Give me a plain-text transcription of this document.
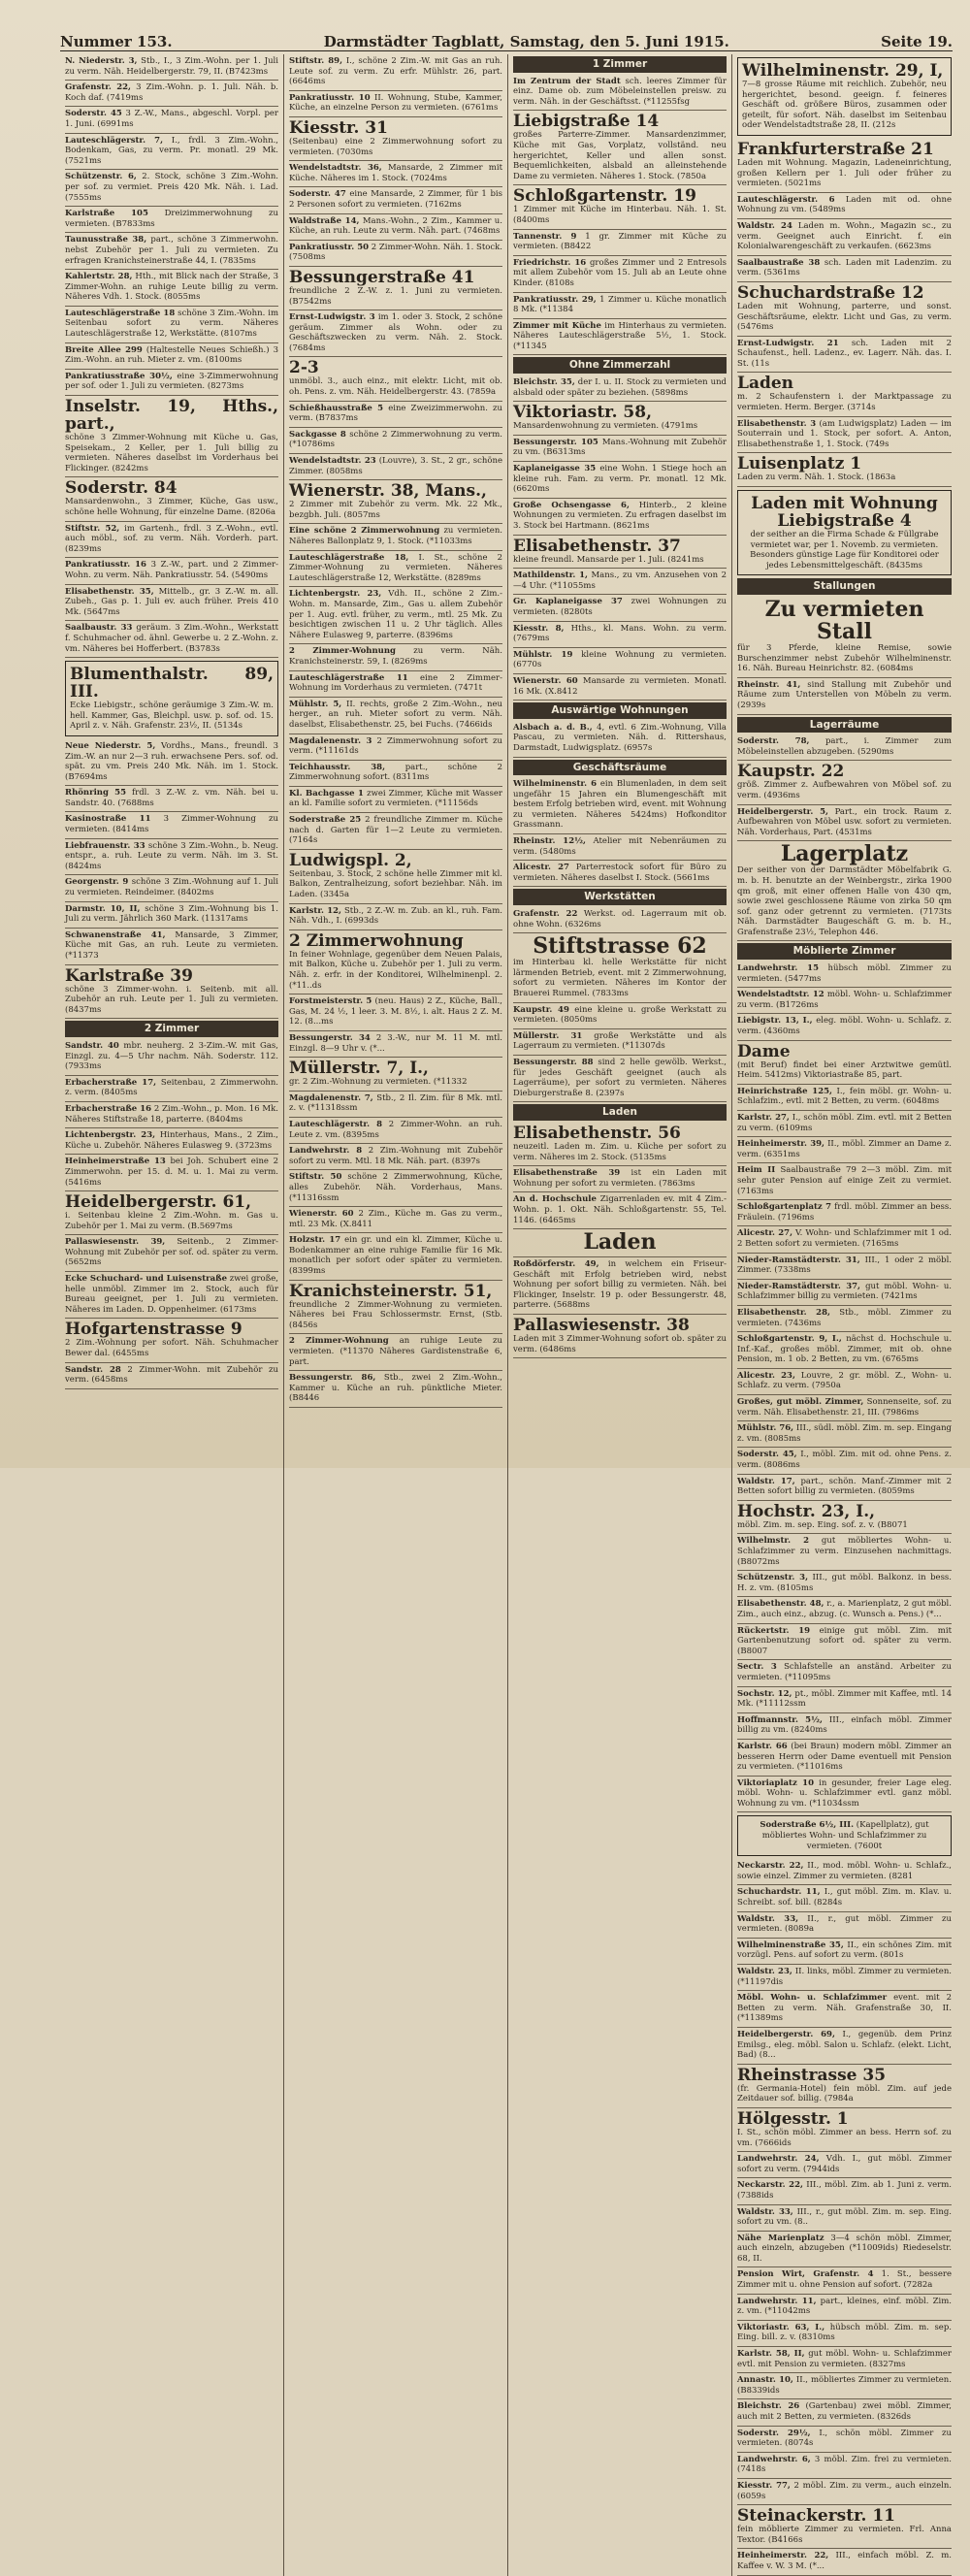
Nummer 153.	Darmstädter Tagblatt, Samstag, den 5. Juni 1915.	Seite 19.
N. Niederstr. 3, Stb., I., 3 Zim.-Wohn. per 1. Juli zu verm. Näh. Heidelbergerstr. 79, II. (B7423ms
Grafenstr. 22, 3 Zim.-Wohn. p. 1. Juli. Näh. b. Koch daf. (7419ms
Soderstr. 45 3 Z.-W., Mans., abgeschl. Vorpl. per 1. Juni. (6991ms
Lauteschlägerstr. 7, I., frdl. 3 Zim.-Wohn., Bodenkam, Gas, zu verm. Pr. monatl. 29 Mk. (7521ms
Schützenstr. 6, 2. Stock, schöne 3 Zim.-Wohn. per sof. zu vermiet. Preis 420 Mk. Näh. i. Lad. (7555ms
Karlstraße 105 Dreizimmerwohnung zu vermieten. (B7833ms
Taunusstraße 38, part., schöne 3 Zimmerwohn. nebst Zubehör per 1. Juli zu vermieten. Zu erfragen Kranichsteinerstraße 44, I. (7835ms
Kahlertstr. 28, Hth., mit Blick nach der Straße, 3 Zimmer-Wohn. an ruhige Leute billig zu verm. Näheres Vdh. 1. Stock. (8055ms
Lauteschlägerstraße 18 schöne 3 Zim.-Wohn. im Seitenbau sofort zu verm. Näheres Lauteschlägerstraße 12, Werkstätte. (8107ms
Breite Allee 299 (Haltestelle Neues Schießh.) 3 Zim.-Wohn. an ruh. Mieter z. vm. (8100ms
Pankratiusstraße 30½, eine 3-Zimmerwohnung per sof. oder 1. Juli zu vermieten. (8273ms
Inselstr. 19, Hths., part.,
schöne 3 Zimmer-Wohnung mit Küche u. Gas, Speisekam., 2 Keller, per 1. Juli billig zu vermieten. Näheres daselbst im Vorderhaus bei Flickinger. (8242ms
Soderstr. 84
Mansardenwohn., 3 Zimmer, Küche, Gas usw., schöne helle Wohnung, für einzelne Dame. (8206a
Stiftstr. 52, im Gartenh., frdl. 3 Z.-Wohn., evtl. auch möbl., sof. zu verm. Näh. Vorderh. part. (8239ms
Pankratiusstr. 16 3 Z.-W., part. und 2 Zimmer-Wohn. zu verm. Näh. Pankratiusstr. 54. (5490ms
Elisabethenstr. 35, Mittelb., gr. 3 Z.-W. m. all. Zubeh., Gas p. 1. Juli ev. auch früher. Preis 410 Mk. (5647ms
Saalbaustr. 33 geräum. 3 Zim.-Wohn., Werkstatt f. Schuhmacher od. ähnl. Gewerbe u. 2 Z.-Wohn. z. vm. Näheres bei Hofferbert. (B3783s
Blumenthalstr. 89, III.
Ecke Liebigstr., schöne geräumige 3 Zim.-W. m. hell. Kammer, Gas, Bleichpl. usw. p. sof. od. 15. April z. v. Näh. Grafenstr. 23½, II. (5134s
Neue Niederstr. 5, Vordhs., Mans., freundl. 3 Zim.-W. an nur 2—3 ruh. erwachsene Pers. sof. od. spät. zu vm. Preis 240 Mk. Näh. im 1. Stock. (B7694ms
Rhönring 55 frdl. 3 Z.-W. z. vm. Näh. bei u. Sandstr. 40. (7688ms
Kasinostraße 11 3 Zimmer-Wohnung zu vermieten. (8414ms
Liebfrauenstr. 33 schöne 3 Zim.-Wohn., b. Neug. entspr., a. ruh. Leute zu verm. Näh. im 3. St. (8424ms
Georgenstr. 9 schöne 3 Zim.-Wohnung auf 1. Juli zu vermieten. Reindeimer. (8402ms
Darmstr. 10, II, schöne 3 Zim.-Wohnung bis 1. Juli zu verm. Jährlich 360 Mark. (11317ams
Schwanenstraße 41, Mansarde, 3 Zimmer, Küche mit Gas, an ruh. Leute zu vermieten. (*11373
Karlstraße 39
schöne 3 Zimmer-wohn. i. Seitenb. mit all. Zubehör an ruh. Leute per 1. Juli zu vermieten. (8437ms
2 Zimmer
Sandstr. 40 mbr. neuherg. 2 3-Zim.-W. mit Gas, Einzgl. zu. 4—5 Uhr nachm. Näh. Soderstr. 112. (7933ms
Erbacherstraße 17, Seitenbau, 2 Zimmerwohn. z. verm. (8405ms
Erbacherstraße 16 2 Zim.-Wohn., p. Mon. 16 Mk. Näheres Stiftstraße 18, parterre. (8404ms
Lichtenbergstr. 23, Hinterhaus, Mans., 2 Zim., Küche u. Zubehör. Näheres Eulasweg 9. (3723ms
Heinheimerstraße 13 bei Joh. Schubert eine 2 Zimmerwohn. per 15. d. M. u. 1. Mai zu verm. (5416ms
Heidelbergerstr. 61,
i. Seitenbau kleine 2 Zim.-Wohn. m. Gas u. Zubehör per 1. Mai zu verm. (B.5697ms
Pallaswiesenstr. 39, Seitenb., 2 Zimmer-Wohnung mit Zubehör per sof. od. später zu verm. (5652ms
Ecke Schuchard- und Luisenstraße zwei große, helle unmöbl. Zimmer im 2. Stock, auch für Bureau geeignet, per 1. Juli zu vermieten. Näheres im Laden. D. Oppenheimer. (6173ms
Hofgartenstrasse 9
2 Zim.-Wohnung per sofort. Näh. Schuhmacher Bewer dal. (6455ms
Sandstr. 28 2 Zimmer-Wohn. mit Zubehör zu verm. (6458ms
Stiftstr. 89, I., schöne 2 Zim.-W. mit Gas an ruh. Leute sof. zu verm. Zu erfr. Mühlstr. 26, part. (6646ms
Pankratiusstr. 10 II. Wohnung, Stube, Kammer, Küche, an einzelne Person zu vermieten. (6761ms
Kiesstr. 31
(Seitenbau) eine 2 Zimmerwohnung sofort zu vermieten. (7030ms
Wendelstadtstr. 36, Mansarde, 2 Zimmer mit Küche. Näheres im 1. Stock. (7024ms
Soderstr. 47 eine Mansarde, 2 Zimmer, für 1 bis 2 Personen sofort zu vermieten. (7162ms
Waldstraße 14, Mans.-Wohn., 2 Zim., Kammer u. Küche, an ruh. Leute zu verm. Näh. part. (7468ms
Pankratiusstr. 50 2 Zimmer-Wohn. Näh. 1. Stock. (7508ms
Bessungerstraße 41
freundliche 2 Z.-W. z. 1. Juni zu vermieten. (B7542ms
Ernst-Ludwigstr. 3 im 1. oder 3. Stock, 2 schöne geräum. Zimmer als Wohn. oder zu Geschäftszwecken zu verm. Näh. 2. Stock. (7684ms
2-3
unmöbl. 3., auch einz., mit elektr. Licht, mit ob. oh. Pens. z. vm. Näh. Heidelbergerstr. 43. (7859a
Schießhausstraße 5 eine Zweizimmerwohn. zu verm. (B7837ms
Sackgasse 8 schöne 2 Zimmerwohnung zu verm. (*10786ms
Wendelstadtstr. 23 (Louvre), 3. St., 2 gr., schöne Zimmer. (8058ms
Wienerstr. 38, Mans.,
2 Zimmer mit Zubehör zu verm. Mk. 22 Mk., bezgbh. Juli. (8057ms
Eine schöne 2 Zimmerwohnung zu vermieten. Näheres Ballonplatz 9, 1. Stock. (*11033ms
Lauteschlägerstraße 18, I. St., schöne 2 Zimmer-Wohnung zu vermieten. Näheres Lauteschlägerstraße 12, Werkstätte. (8289ms
Lichtenbergstr. 23, Vdh. II., schöne 2 Zim.-Wohn. m. Mansarde, Zim., Gas u. allem Zubehör per 1. Aug. evtl. früher, zu verm., mtl. 25 Mk. Zu besichtigen zwischen 11 u. 2 Uhr täglich. Alles Nähere Eulasweg 9, parterre. (8396ms
2 Zimmer-Wohnung zu verm. Näh. Kranichsteinerstr. 59, I. (8269ms
Lauteschlägerstraße 11 eine 2 Zimmer-Wohnung im Vorderhaus zu vermieten. (7471t
Mühlstr. 5, II. rechts, große 2 Zim.-Wohn., neu herger., an ruh. Mieter sofort zu verm. Näh. daselbst, Elisabethenstr. 25, bei Fuchs. (7466ids
Magdalenenstr. 3 2 Zimmerwohnung sofort zu verm. (*11161ds
Teichhausstr. 38, part., schöne 2 Zimmerwohnung sofort. (8311ms
Kl. Bachgasse 1 zwei Zimmer, Küche mit Wasser an kl. Familie sofort zu vermieten. (*11156ds
Soderstraße 25 2 freundliche Zimmer m. Küche nach d. Garten für 1—2 Leute zu vermieten. (7164s
Ludwigspl. 2,
Seitenbau, 3. Stock, 2 schöne helle Zimmer mit kl. Balkon, Zentralheizung, sofort beziehbar. Näh. im Laden. (3345a
Karlstr. 12, Stb., 2 Z.-W. m. Zub. an kl., ruh. Fam. Näh. Vdh., I. (6993ds
2 Zimmerwohnung
In feiner Wohnlage, gegenüber dem Neuen Palais, mit Balkon, Küche u. Zubehör per 1. Juli zu verm. Näh. z. erfr. in der Konditorei, Wilhelminenpl. 2. (*11..ds
Forstmeisterstr. 5 (neu. Haus) 2 Z., Küche, Ball., Gas, M. 24 ½, 1 leer. 3. M. 8½, i. alt. Haus 2 Z. M. 12. (8...ms
Bessungerstr. 34 2 3.-W., nur M. 11 M. mtl. Einzgl. 8—9 Uhr v. (*...
Müllerstr. 7, I.,
gr. 2 Zim.-Wohnung zu vermieten. (*11332
Magdalenenstr. 7, Stb., 2 Il. Zim. für 8 Mk. mtl. z. v. (*11318ssm
Lauteschlägerstr. 8 2 Zimmer-Wohn. an ruh. Leute z. vm. (8395ms
Landwehrstr. 8 2 Zim.-Wohnung mit Zubehör sofort zu verm. Mtl. 18 Mk. Näh. part. (8397s
Stiftstr. 50 schöne 2 Zimmerwohnung, Küche, alles Zubehör. Näh. Vorderhaus, Mans. (*11316ssm
Wienerstr. 60 2 Zim., Küche m. Gas zu verm., mtl. 23 Mk. (X.8411
Holzstr. 17 ein gr. und ein kl. Zimmer, Küche u. Bodenkammer an eine ruhige Familie für 16 Mk. monatlich per sofort oder später zu vermieten. (8399ms
Kranichsteinerstr. 51,
freundliche 2 Zimmer-Wohnung zu vermieten. Näheres bei Frau Schlossermstr. Ernst, (Stb. (8456s
2 Zimmer-Wohnung an ruhige Leute zu vermieten. (*11370 Näheres Gardistenstraße 6, part.
Bessungerstr. 86, Stb., zwei 2 Zim.-Wohn., Kammer u. Küche an ruh. pünktliche Mieter. (B8446
1 Zimmer
Im Zentrum der Stadt sch. leeres Zimmer für einz. Dame ob. zum Möbeleinstellen preisw. zu verm. Näh. in der Geschäftsst. (*11255fsg
Liebigstraße 14
großes Parterre-Zimmer. Mansardenzimmer, Küche mit Gas, Vorplatz, vollständ. neu hergerichtet, Keller und allen sonst. Bequemlichkeiten, alsbald an alleinstehende Dame zu vermieten. Näheres 1. Stock. (7850a
Schloßgartenstr. 19
1 Zimmer mit Küche im Hinterbau. Näh. 1. St. (8400ms
Tannenstr. 9 1 gr. Zimmer mit Küche zu vermieten. (B8422
Friedrichstr. 16 großes Zimmer und 2 Entresols mit allem Zubehör vom 15. Juli ab an Leute ohne Kinder. (8108s
Pankratiusstr. 29, 1 Zimmer u. Küche monatlich 8 Mk. (*11384
Zimmer mit Küche im Hinterhaus zu vermieten. Näheres Lauteschlägerstraße 5½, 1. Stock. (*11345
Ohne Zimmerzahl
Bleichstr. 35, der I. u. II. Stock zu vermieten und alsbald oder später zu beziehen. (5898ms
Viktoriastr. 58,
Mansardenwohnung zu vermieten. (4791ms
Bessungerstr. 105 Mans.-Wohnung mit Zubehör zu vm. (B6313ms
Kaplaneigasse 35 eine Wohn. 1 Stiege hoch an kleine ruh. Fam. zu verm. Pr. monatl. 12 Mk. (6620ms
Große Ochsengasse 6, Hinterb., 2 kleine Wohnungen zu vermieten. Zu erfragen daselbst im 3. Stock bei Hartmann. (8621ms
Elisabethenstr. 37
kleine freundl. Mansarde per 1. Juli. (8241ms
Mathildenstr. 1, Mans., zu vm. Anzusehen von 2—4 Uhr. (*11055ms
Gr. Kaplaneigasse 37 zwei Wohnungen zu vermieten. (8280ts
Kiesstr. 8, Hths., kl. Mans. Wohn. zu verm. (7679ms
Mühlstr. 19 kleine Wohnung zu vermieten. (6770s
Wienerstr. 60 Mansarde zu vermieten. Monatl. 16 Mk. (X.8412
Auswärtige Wohnungen
Alsbach a. d. B., 4, evtl. 6 Zim.-Wohnung, Villa Pascau, zu vermieten. Näh. d. Rittershaus, Darmstadt, Ludwigsplatz. (6957s
Geschäftsräume
Wilhelminenstr. 6 ein Blumenladen, in dem seit ungefähr 15 Jahren ein Blumengeschäft mit bestem Erfolg betrieben wird, event. mit Wohnung zu vermieten. Näheres 5424ms) Hofkonditor Grassmann.
Rheinstr. 12½, Atelier mit Nebenräumen zu verm. (5480ms
Alicestr. 27 Parterrestock sofort für Büro zu vermieten. Näheres daselbst I. Stock. (5661ms
Werkstätten
Grafenstr. 22 Werkst. od. Lagerraum mit ob. ohne Wohn. (6326ms
Stiftstrasse 62
im Hinterbau kl. helle Werkstätte für nicht lärmenden Betrieb, event. mit 2 Zimmerwohnung, sofort zu vermieten. Näheres im Kontor der Brauerei Rummel. (7833ms
Kaupstr. 49 eine kleine u. große Werkstatt zu vermieten. (8050ms
Müllerstr. 31 große Werkstätte und als Lagerraum zu vermieten. (*11307ds
Bessungerstr. 88 sind 2 helle gewölb. Werkst., für jedes Geschäft geeignet (auch als Lagerräume), per sofort zu vermieten. Näheres Dieburgerstraße 8. (2397s
Laden
Elisabethenstr. 56
neuzeitl. Laden m. Zim. u. Küche per sofort zu verm. Näheres im 2. Stock. (5135ms
Elisabethenstraße 39 ist ein Laden mit Wohnung per sofort zu vermieten. (7863ms
An d. Hochschule Zigarrenladen ev. mit 4 Zim.-Wohn. p. 1. Okt. Näh. Schloßgartenstr. 55, Tel. 1146. (6465ms
Laden
Roßdörferstr. 49, in welchem ein Friseur-Geschäft mit Erfolg betrieben wird, nebst Wohnung per sofort billig zu vermieten. Näh. bei Flickinger, Inselstr. 19 p. oder Bessungerstr. 48, parterre. (5688ms
Pallaswiesenstr. 38
Laden mit 3 Zimmer-Wohnung sofort ob. später zu verm. (6486ms
Wilhelminenstr. 29, I,
7—8 grosse Räume mit reichlich. Zubehör, neu hergerichtet, besond. geeign. f. feineres Geschäft od. größere Büros, zusammen oder geteilt, für sofort. Näh. daselbst im Seitenbau oder Wendelstadtstraße 28, II. (212s
Frankfurterstraße 21
Laden mit Wohnung. Magazin, Ladeneinrichtung, großen Kellern per 1. Juli oder früher zu vermieten. (5021ms
Lauteschlägerstr. 6 Laden mit od. ohne Wohnung zu vm. (5489ms
Waldstr. 24 Laden m. Wohn., Magazin sc., zu verm. Geeignet auch Einricht. f. ein Kolonialwarengeschäft zu verkaufen. (6623ms
Saalbaustraße 38 sch. Laden mit Ladenzim. zu verm. (5361ms
Schuchardstraße 12
Laden mit Wohnung, parterre, und sonst. Geschäftsräume, elektr. Licht und Gas, zu verm. (5476ms
Ernst-Ludwigstr. 21 sch. Laden mit 2 Schaufenst., hell. Ladenz., ev. Lagerr. Näh. das. I. St. (11s
Laden
m. 2 Schaufenstern i. der Marktpassage zu vermieten. Herm. Berger. (3714s
Elisabethenstr. 3 (am Ludwigsplatz) Laden — im Souterrain und 1. Stock, per sofort. A. Anton, Elisabethenstraße 1, 1. Stock. (749s
Luisenplatz 1
Laden zu verm. Näh. 1. Stock. (1863a
Laden mit Wohnung Liebigstraße 4
der seither an die Firma Schade & Füllgrabe vermietet war, per 1. Novemb. zu vermieten. Besonders günstige Lage für Konditorei oder jedes Lebensmittelgeschäft. (8435ms
Stallungen
Zu vermieten Stall
für 3 Pferde, kleine Remise, sowie Burschenzimmer nebst Zubehör Wilhelminenstr. 16. Näh. Bureau Heinrichstr. 82. (6084ms
Rheinstr. 41, sind Stallung mit Zubehör und Räume zum Unterstellen von Möbeln zu verm. (2939s
Lagerräume
Soderstr. 78, part., i. Zimmer zum Möbeleinstellen abzugeben. (5290ms
Kaupstr. 22
größ. Zimmer z. Aufbewahren von Möbel sof. zu verm. (4936ms
Heidelbergerstr. 5, Part., ein trock. Raum z. Aufbewahren von Möbel usw. sofort zu vermieten. Näh. Vorderhaus, Part. (4531ms
Lagerplatz
Der seither von der Darmstädter Möbelfabrik G. m. b. H. benutzte an der Weinbergstr., zirka 1900 qm groß, mit einer offenen Halle von 430 qm, sowie zwei geschlossene Räume von zirka 50 qm sof. ganz oder getrennt zu vermieten. (7173ts Näh. Darmstädter Baugeschäft G. m. b. H., Grafenstraße 23½, Telephon 446.
Möblierte Zimmer
Landwehrstr. 15 hübsch möbl. Zimmer zu vermieten. (5477ms
Wendelstadtstr. 12 möbl. Wohn- u. Schlafzimmer zu verm. (B1726ms
Liebigstr. 13, I., eleg. möbl. Wohn- u. Schlafz. z. verm. (4360ms
Dame
(mit Beruf) findet bei einer Arztwitwe gemütl. Heim. 5412ms) Viktoriastraße 85, part.
Heinrichstraße 125, I., fein möbl. gr. Wohn- u. Schlafzim., evtl. mit 2 Betten, zu verm. (6048ms
Karlstr. 27, I., schön möbl. Zim. evtl. mit 2 Betten zu verm. (6109ms
Heinheimerstr. 39, II., möbl. Zimmer an Dame z. verm. (6351ms
Heim II Saalbaustraße 79 2—3 möbl. Zim. mit sehr guter Pension auf einige Zeit zu vermiet. (7163ms
Schloßgartenplatz 7 frdl. möbl. Zimmer an bess. Fräulein. (7196ms
Alicestr. 27, V. Wohn- und Schlafzimmer mit 1 od. 2 Betten sofort zu vermieten. (7165ms
Nieder-Ramstädterstr. 31, III., 1 oder 2 möbl. Zimmer. (7338ms
Nieder-Ramstädterstr. 37, gut möbl. Wohn- u. Schlafzimmer billig zu vermieten. (7421ms
Elisabethenstr. 28, Stb., möbl. Zimmer zu vermieten. (7436ms
Schloßgartenstr. 9, I., nächst d. Hochschule u. Inf.-Kaf., großes möbl. Zimmer, mit ob. ohne Pension, m. 1 ob. 2 Betten, zu vm. (6765ms
Alicestr. 23, Louvre, 2 gr. möbl. Z., Wohn- u. Schlafz. zu verm. (7950a
Großes, gut möbl. Zimmer, Sonnenseite, sof. zu verm. Näh. Elisabethenstr. 21, III. (7986ms
Mühlstr. 76, III., südl. möbl. Zim. m. sep. Eingang z. vm. (8085ms
Soderstr. 45, I., möbl. Zim. mit od. ohne Pens. z. verm. (8086ms
Waldstr. 17, part., schön. Manf.-Zimmer mit 2 Betten sofort billig zu vermieten. (8059ms
Hochstr. 23, I.,
möbl. Zim. m. sep. Eing. sof. z. v. (B8071
Wilhelmstr. 2 gut möbliertes Wohn- u. Schlafzimmer zu verm. Einzusehen nachmittags. (B8072ms
Schützenstr. 3, III., gut möbl. Balkonz. in bess. H. z. vm. (8105ms
Elisabethenstr. 48, r., a. Marienplatz, 2 gut möbl. Zim., auch einz., abzug. (c. Wunsch a. Pens.) (*...
Rückertstr. 19 einige gut möbl. Zim. mit Gartenbenutzung sofort od. später zu verm. (B8007
Sectr. 3 Schlafstelle an anständ. Arbeiter zu vermieten. (*11095ms
Sochstr. 12, pt., möbl. Zimmer mit Kaffee, mtl. 14 Mk. (*11112ssm
Hoffmannstr. 5½, III., einfach möbl. Zimmer billig zu vm. (8240ms
Karlstr. 66 (bei Braun) modern möbl. Zimmer an besseren Herrn oder Dame eventuell mit Pension zu vermieten. (*11016ms
Viktoriaplatz 10 in gesunder, freier Lage eleg. möbl. Wohn- u. Schlafzimmer evtl. ganz möbl. Wohnung zu vm. (*11034ssm
Soderstraße 6½, III. (Kapellplatz), gut möbliertes Wohn- und Schlafzimmer zu vermieten. (7600t
Neckarstr. 22, II., mod. möbl. Wohn- u. Schlafz., sowie einzel. Zimmer zu vermieten. (8281
Schuchardstr. 11, I., gut möbl. Zim. m. Klav. u. Schreibt. sof. bill. (8284s
Waldstr. 33, II., r., gut möbl. Zimmer zu vermieten. (8089a
Wilhelminenstraße 35, II., ein schönes Zim. mit vorzügl. Pens. auf sofort zu verm. (801s
Waldstr. 23, II. links, möbl. Zimmer zu vermieten. (*11197dis
Möbl. Wohn- u. Schlafzimmer event. mit 2 Betten zu verm. Näh. Grafenstraße 30, II. (*11389ms
Heidelbergerstr. 69, I., gegenüb. dem Prinz Emilsg., eleg. möbl. Salon u. Schlafz. (elekt. Licht, Bad) (8...
Rheinstrasse 35
(fr. Germania-Hotel) fein möbl. Zim. auf jede Zeitdauer sof. billig. (7984a
Hölgesstr. 1
I. St., schön möbl. Zimmer an bess. Herrn sof. zu vm. (7666ids
Landwehrstr. 24, Vdh. I., gut möbl. Zimmer sofort zu verm. (7944ids
Neckarstr. 22, III., möbl. Zim. ab 1. Juni z. verm. (7388ids
Waldstr. 33, III., r., gut möbl. Zim. m. sep. Eing. sofort zu vm. (8..
Nähe Marienplatz 3—4 schön möbl. Zimmer, auch einzeln, abzugeben (*11009ids) Riedeselstr. 68, II.
Pension Wirt, Grafenstr. 4 1. St., bessere Zimmer mit u. ohne Pension auf sofort. (7282a
Landwehrstr. 11, part., kleines, einf. möbl. Zim. z. vm. (*11042ms
Viktoriastr. 63, I., hübsch möbl. Zim. m. sep. Eing. bill. z. v. (8310ms
Karlstr. 58, II, gut möbl. Wohn- u. Schlafzimmer evtl. mit Pension zu vermieten. (8327ms
Annastr. 10, II., möbliertes Zimmer zu vermieten. (B8339ids
Bleichstr. 26 (Gartenbau) zwei möbl. Zimmer, auch mit 2 Betten, zu vermieten. (8326ds
Soderstr. 29½, I., schön möbl. Zimmer zu vermieten. (8074s
Landwehrstr. 6, 3 möbl. Zim. frei zu vermieten. (7418s
Kiesstr. 77, 2 möbl. Zim. zu verm., auch einzeln. (6059s
Steinackerstr. 11
fein möblierte Zimmer zu vermieten. Frl. Anna Textor. (B4166s
Heinheimerstr. 22, III., einfach möbl. Z. m. Kaffee v. W. 3 M. (*...
